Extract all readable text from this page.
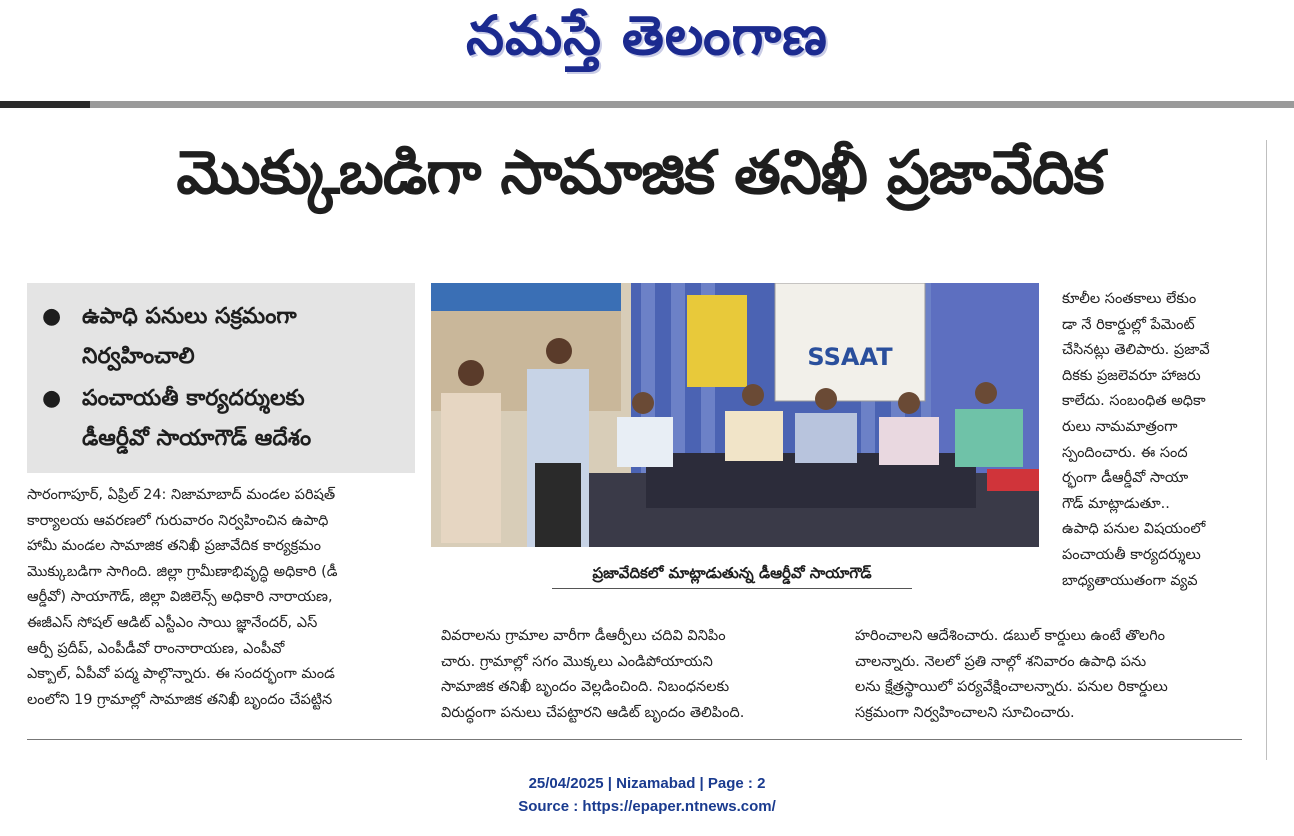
నమస్తే తెలంగాణ
మొక్కుబడిగా సామాజిక తనిఖీ ప్రజావేదిక
● ఉపాధి పనులు సక్రమంగా
నిర్వహించాలి
● పంచాయతీ కార్యదర్శులకు
డీఆర్డీవో సాయాగౌడ్ ఆదేశం
SSAAT
ప్రజావేదికలో మాట్లాడుతున్న డీఆర్డీవో సాయాగౌడ్

సారంగాపూర్, ఏప్రిల్ 24: నిజామాబాద్ మండల పరిషత్

కార్యాలయ ఆవరణలో గురువారం నిర్వహించిన ఉపాధి

హామీ మండల సామాజిక తనిఖీ ప్రజావేదిక కార్యక్రమం

మొక్కుబడిగా సాగింది. జిల్లా గ్రామీణాభివృద్ధి అధికారి (డీ

ఆర్డీవో) సాయాగౌడ్, జిల్లా విజిలెన్స్ అధికారి నారాయణ,

ఈజీఎస్ సోషల్ ఆడిట్ ఎస్టీఎం సాయి జ్ఞానేందర్, ఎస్

ఆర్పీ ప్రదీప్, ఎంపీడీవో రాంనారాయణ, ఎంపీవో

ఎక్బాల్, ఏపీవో పద్మ పాల్గొన్నారు. ఈ సందర్భంగా మండ

లంలోని 19 గ్రామాల్లో సామాజిక తనిఖీ బృందం చేపట్టిన

వివరాలను గ్రామాల వారీగా డీఆర్పీలు చదివి వినిపిం

చారు. గ్రామాల్లో సగం మొక్కలు ఎండిపోయాయని

సామాజిక తనిఖీ బృందం వెల్లడించింది. నిబంధనలకు

విరుద్ధంగా పనులు చేపట్టారని ఆడిట్ బృందం తెలిపింది.

కూలీల సంతకాలు లేకుం

డా నే రికార్డుల్లో పేమెంట్

చేసినట్లు తెలిపారు. ప్రజావే

దికకు ప్రజలెవరూ హాజరు

కాలేదు. సంబంధిత అధికా

రులు నామమాత్రంగా

స్పందించారు. ఈ సంద

ర్భంగా డీఆర్డీవో సాయా

గౌడ్ మాట్లాడుతూ..

ఉపాధి పనుల విషయంలో

పంచాయతీ కార్యదర్శులు

బాధ్యతాయుతంగా వ్యవ

హరించాలని ఆదేశించారు. డబుల్ కార్డులు ఉంటే తొలగిం

చాలన్నారు. నెలలో ప్రతి నాల్గో శనివారం ఉపాధి పను

లను క్షేత్రస్థాయిలో పర్యవేక్షించాలన్నారు. పనుల రికార్డులు

సక్రమంగా నిర్వహించాలని సూచించారు.

25/04/2025 | Nizamabad | Page : 2
Source : https://epaper.ntnews.com/
